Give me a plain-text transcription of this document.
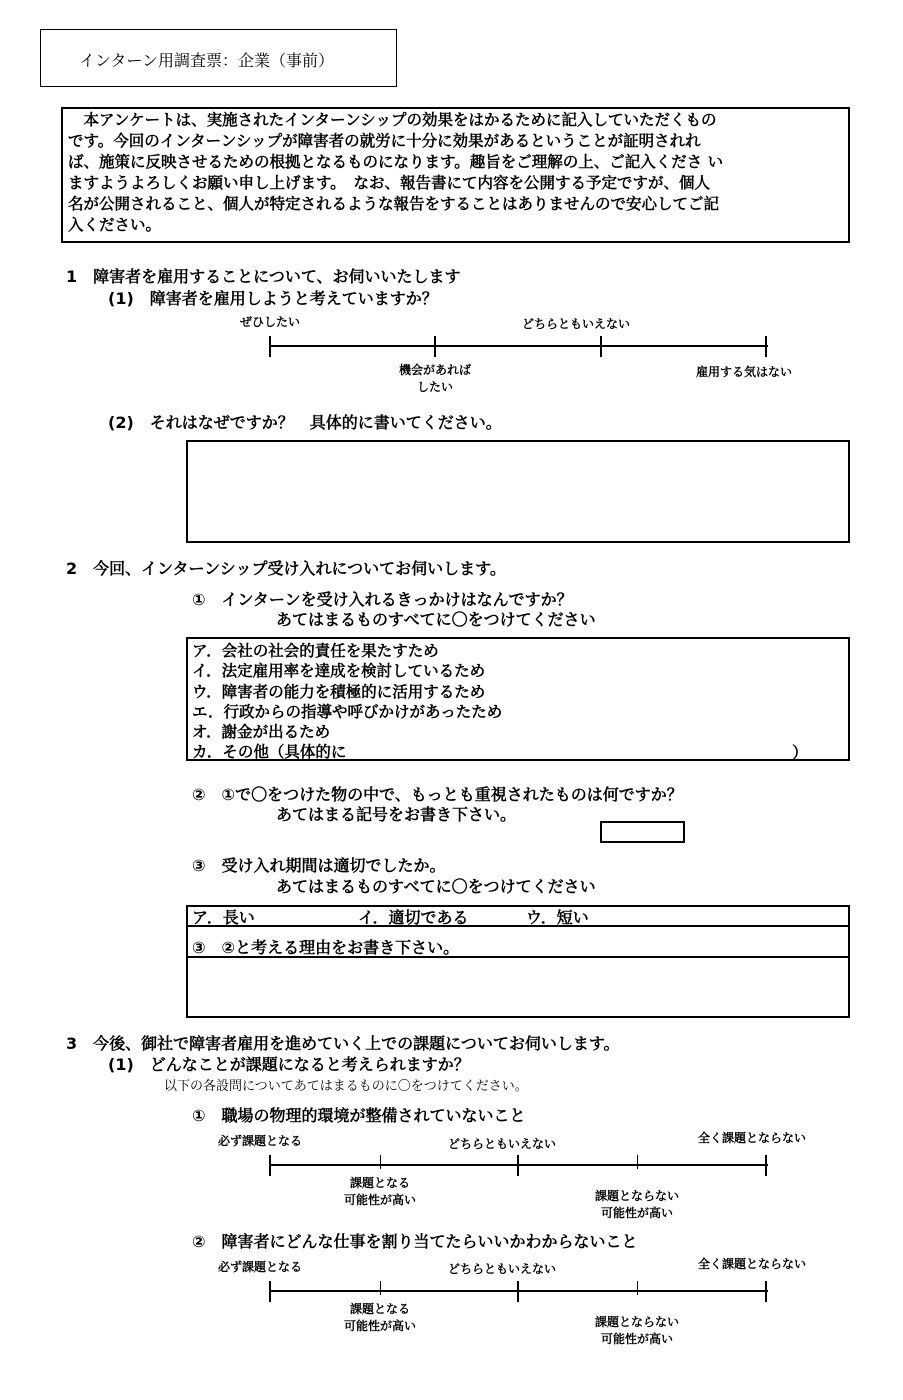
インターン用調査票：企業（事前）
　本アンケートは、実施されたインターンシップの効果をはかるために記入していただくもの
です。今回のインターンシップが障害者の就労に十分に効果があるということが証明されれ
ば、施策に反映させるための根拠となるものになります。趣旨をご理解の上、ご記入くださ い
ますようよろしくお願い申し上げます。　なお、報告書にて内容を公開する予定ですが、個人
名が公開されること、個人が特定されるような報告をすることはありませんので安心してご記
入ください。
1　障害者を雇用することについて、お伺いいたします
(1)　障害者を雇用しようと考えていますか？
ぜひしたい	どちらともいえない
機会があれば
したい
雇用する気はない
(2)　それはなぜですか？　具体的に書いてください。
2　今回、インターンシップ受け入れについてお伺いします。
①　インターンを受け入れるきっかけはなんですか？
あてはまるものすべてに〇をつけてください
ア．会社の社会的責任を果たすため
イ．法定雇用率を達成を検討しているため
ウ．障害者の能力を積極的に活用するため
エ．行政からの指導や呼びかけがあったため
オ．謝金が出るため
カ．その他（具体的に	）
②　①で〇をつけた物の中で、もっとも重視されたものは何ですか？
あてはまる記号をお書き下さい。
③　受け入れ期間は適切でしたか。
あてはまるものすべてに〇をつけてください
ア．長い	イ．適切である	ウ．短い
③　②と考える理由をお書き下さい。
3　今後、御社で障害者雇用を進めていく上での課題についてお伺いします。
(1)　どんなことが課題になると考えられますか？
以下の各設問についてあてはまるものに〇をつけてください。
①　職場の物理的環境が整備されていないこと
必ず課題となる	どちらともいえない	全く課題とならない
課題となる
可能性が高い	課題とならない
可能性が高い
②　障害者にどんな仕事を割り当てたらいいかわからないこと
必ず課題となる	どちらともいえない	全く課題とならない
課題となる
可能性が高い	課題とならない
可能性が高い
